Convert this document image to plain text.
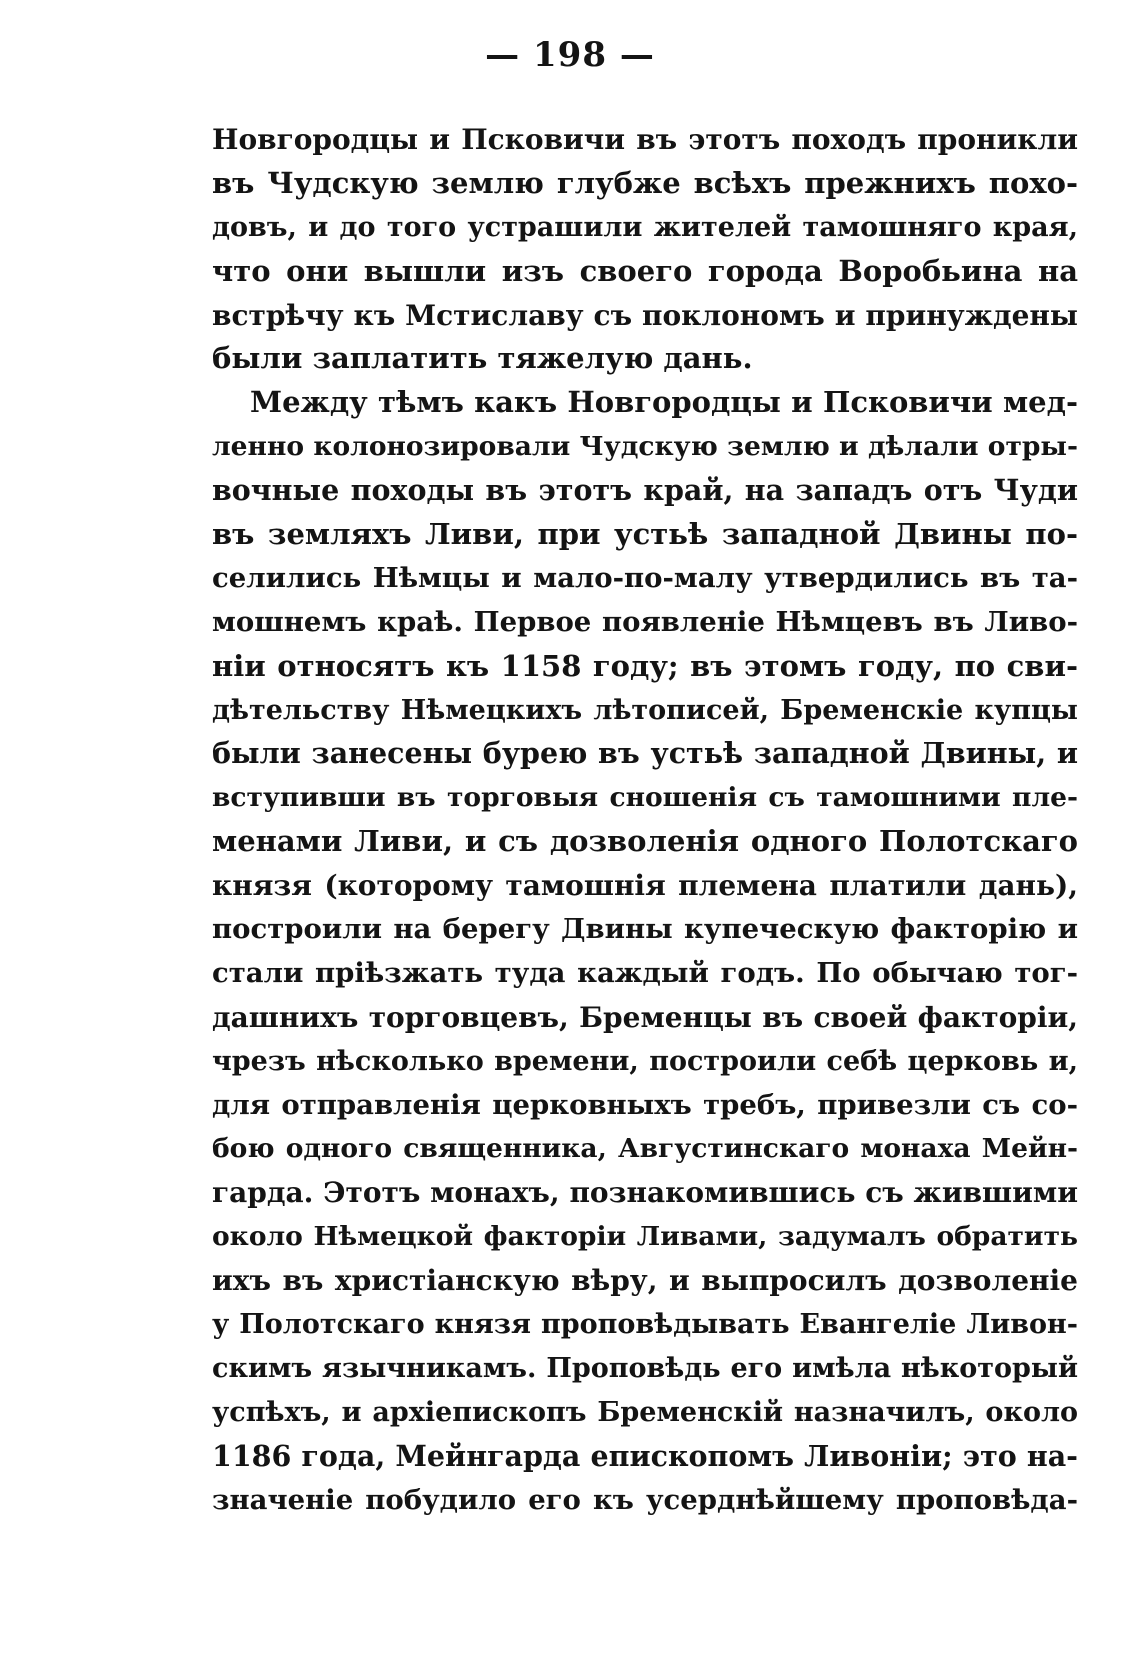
— 198 —
Новгородцы и Псковичи въ этотъ походъ проникли
въ Чудскую землю глубже всѣхъ прежнихъ похо-
довъ, и до того устрашили жителей тамошняго края,
что они вышли изъ своего города Воробьина на
встрѣчу къ Мстиславу съ поклономъ и принуждены
были заплатить тяжелую дань.
Между тѣмъ какъ Новгородцы и Псковичи мед-
ленно колонозировали Чудскую землю и дѣлали отры-
вочные походы въ этотъ край, на западъ отъ Чуди
въ земляхъ Ливи, при устьѣ западной Двины по-
селились Нѣмцы и мало-по-малу утвердились въ та-
мошнемъ краѣ. Первое появленіе Нѣмцевъ въ Ливо-
ніи относятъ къ 1158 году; въ этомъ году, по сви-
дѣтельству Нѣмецкихъ лѣтописей, Бременскіе купцы
были занесены бурею въ устьѣ западной Двины, и
вступивши въ торговыя сношенія съ тамошними пле-
менами Ливи, и съ дозволенія одного Полотскаго
князя (которому тамошнія племена платили дань),
построили на берегу Двины купеческую факторію и
стали пріѣзжать туда каждый годъ. По обычаю тог-
дашнихъ торговцевъ, Бременцы въ своей факторіи,
чрезъ нѣсколько времени, построили себѣ церковь и,
для отправленія церковныхъ требъ, привезли съ со-
бою одного священника, Августинскаго монаха Мейн-
гарда. Этотъ монахъ, познакомившись съ жившими
около Нѣмецкой факторіи Ливами, задумалъ обратить
ихъ въ христіанскую вѣру, и выпросилъ дозволеніе
у Полотскаго князя проповѣдывать Евангеліе Ливон-
скимъ язычникамъ. Проповѣдь его имѣла нѣкоторый
успѣхъ, и архіепископъ Бременскій назначилъ, около
1186 года, Мейнгарда епископомъ Ливоніи; это на-
значеніе побудило его къ усерднѣйшему проповѣда-
